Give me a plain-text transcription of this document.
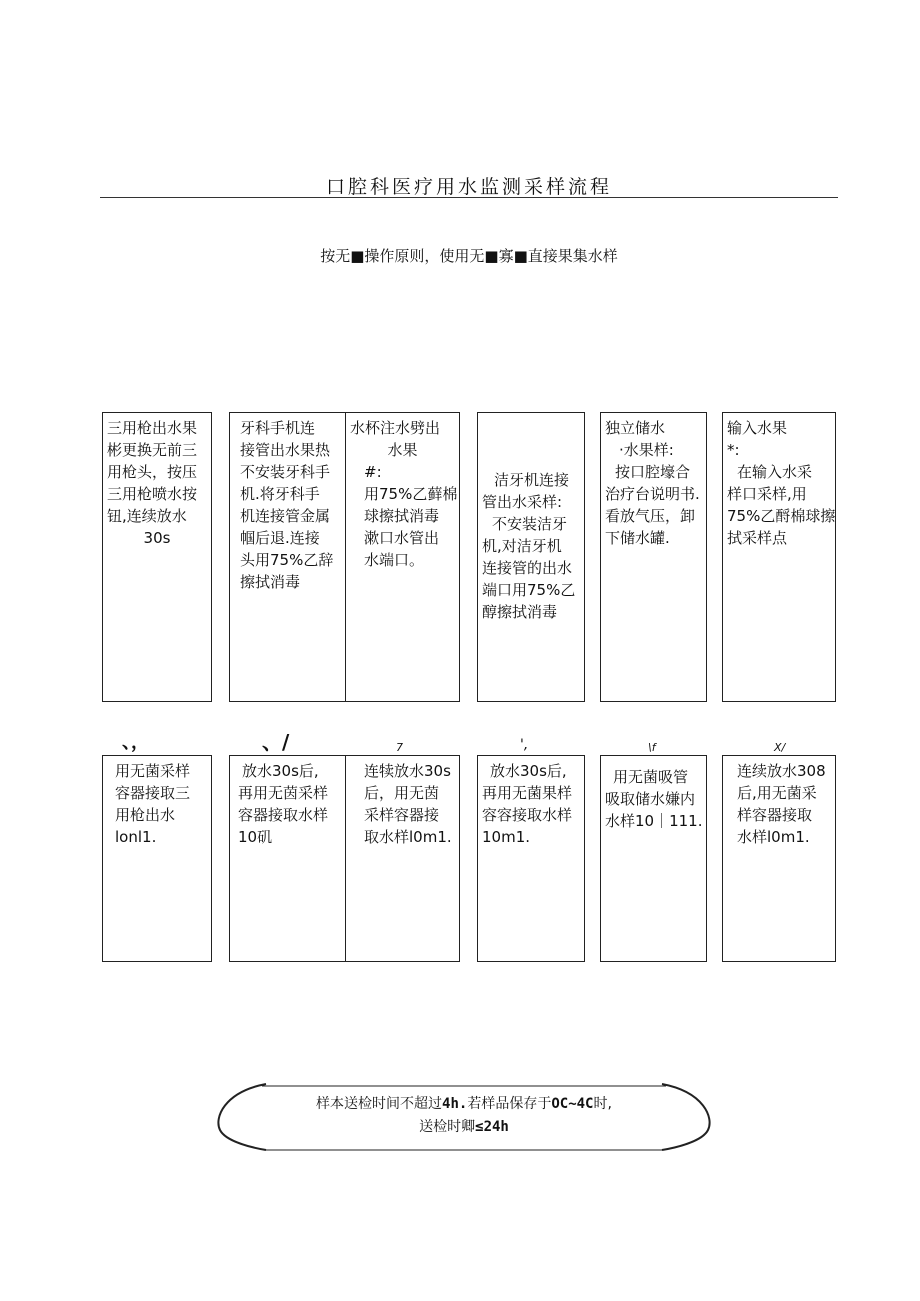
口腔科医疗用水监测采样流程
按无■操作原则，使用无■寡■直接果集水样
三用枪出水果
彬更换无前三
用枪头，按压
三用枪喷水按
钮,连续放水
30s
牙科手机连
接管出水果热
不安装牙科手
机.将牙科手
机连接管金属
帼后退.连接
头用75%乙辞
擦拭消毒
水杯注水劈出
水果
#:
用75%乙藓棉
球擦拭消毒
漱口水管出
水端口。
洁牙机连接
管出水采样:
不安装洁牙
机,对洁牙机
连接管的出水
端口用75%乙
醇擦拭消毒
独立储水
·水果样:
按口腔壕合
治疗台说明书.
看放气压，卸
下储水罐.
输入水果
*:
在输入水采
样口采样,用
75%乙酹棉球擦
拭采样点
、，	、/	7	',	\f	X/
用无菌采样
容器接取三
用枪出水
lonl1.
放水30s后,
再用无茵采样
容器接取水样
10矶
连犊放水30s
后，用无茵
采样容器接
取水样l0m1.
放水30s后,
再用无菌果样
容容接取水样
10m1.
用无菌吸管
吸取储水嫌内
水样10｜111.
连续放水308
后,用无菌采
样容器接取
水样l0m1.
样本送检时间不超过4h.若样品保存于OC~4C时,
送检时卿≤24h
